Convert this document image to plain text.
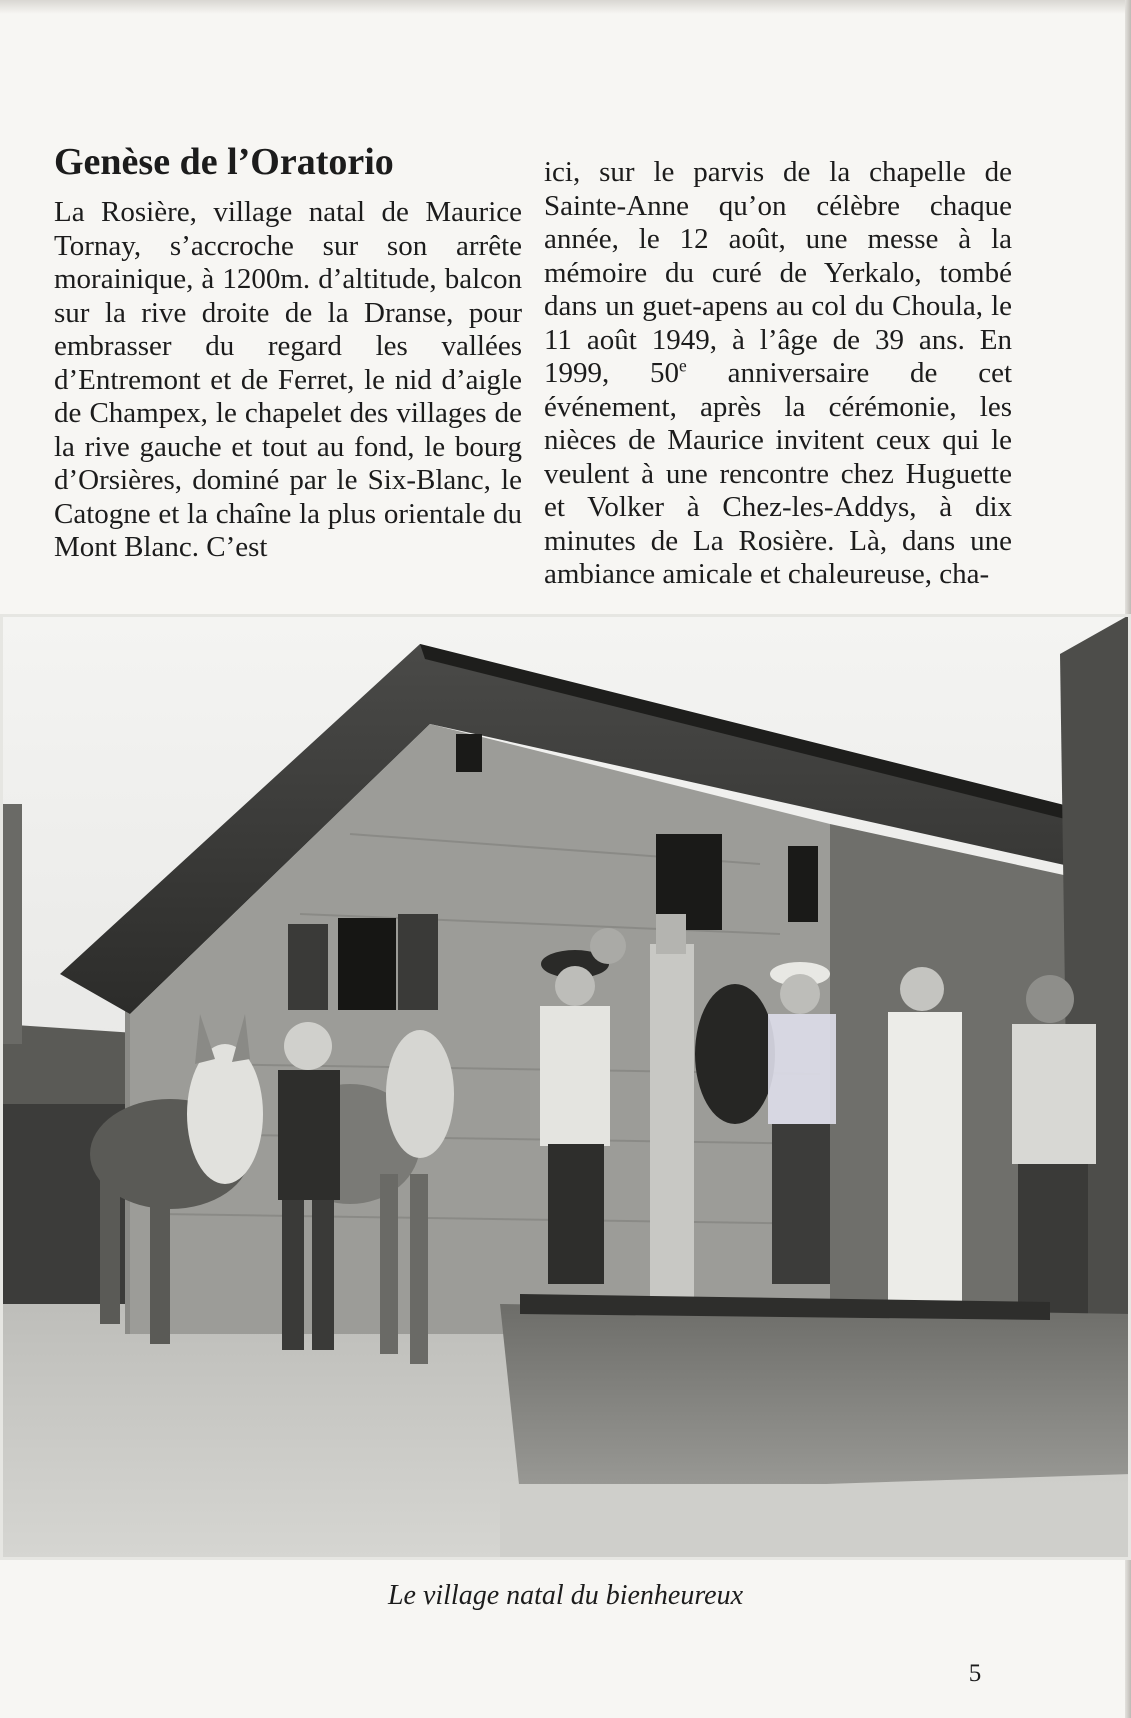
Genèse de l’Oratorio

La Rosière, village natal de Maurice Tornay, s’accroche sur son arrête morainique, à 1200m. d’altitude, balcon sur la rive droite de la Dranse, pour embrasser du regard les vallées d’Entremont et de Ferret, le nid d’aigle de Champex, le chapelet des villages de la rive gauche et tout au fond, le bourg d’Orsières, dominé par le Six-Blanc, le Catogne et la chaîne la plus orientale du Mont Blanc. C’est

ici, sur le parvis de la chapelle de Sainte-Anne qu’on célèbre chaque année, le 12 août, une messe à la mémoire du curé de Yerkalo, tombé dans un guet-apens au col du Choula, le 11 août 1949, à l’âge de 39 ans. En 1999, 50e anniversaire de cet événement, après la cérémonie, les nièces de Maurice invitent ceux qui le veulent à une rencontre chez Huguette et Volker à Chez-les-Addys, à dix minutes de La Rosière. Là, dans une ambiance amicale et chaleureuse, cha-

Le village natal du bienheureux
5
